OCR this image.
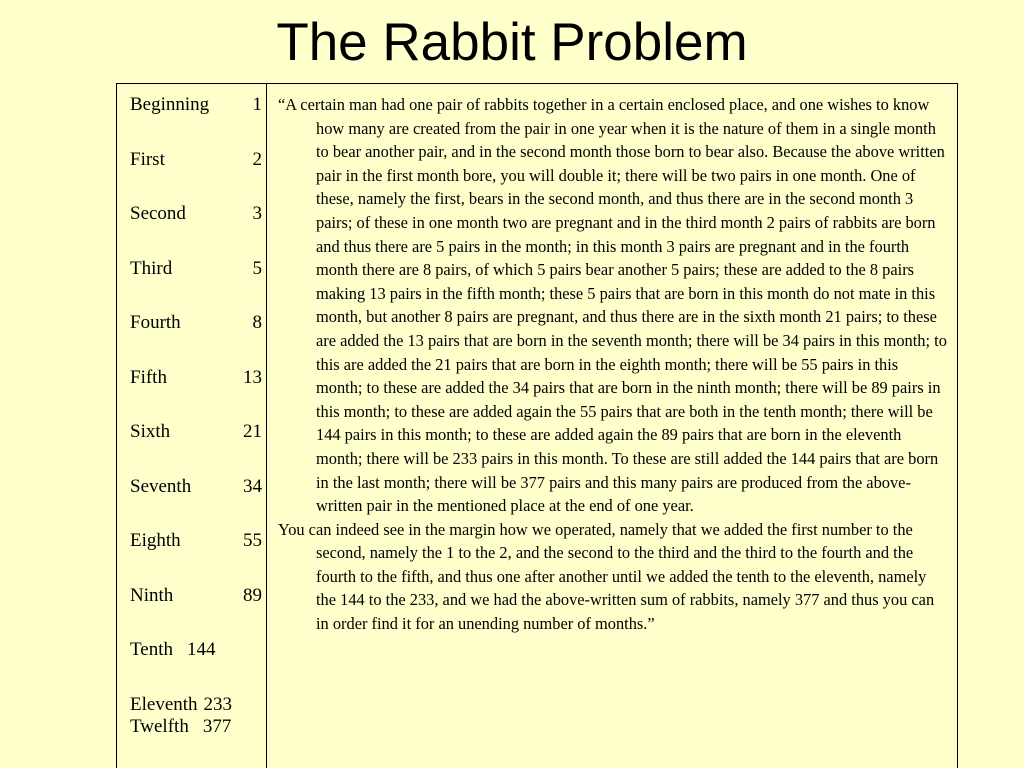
The Rabbit Problem
Beginning 1
First	2
Second	3
Third	5
Fourth	8
Fifth	13
Sixth	21
Seventh	34
Eighth	55
Ninth	89
Tenth 144
Eleventh 233
Twelfth 377

“A certain man had one pair of rabbits together in a certain enclosed place, and one wishes to know how many are created from the pair in one year when it is the nature of them in a single month to bear another pair, and in the second month those born to bear also. Because the above written pair in the first month bore, you will double it; there will be two pairs in one month. One of these, namely the first, bears in the second month, and thus there are in the second month 3 pairs; of these in one month two are pregnant and in the third month 2 pairs of rabbits are born and thus there are 5 pairs in the month; in this month 3 pairs are pregnant and in the fourth month there are 8 pairs, of which 5 pairs bear another 5 pairs; these are added to the 8 pairs making 13 pairs in the fifth month; these 5 pairs that are born in this month do not mate in this month, but another 8 pairs are pregnant, and thus there are in the sixth month 21 pairs; to these are added the 13 pairs that are born in the seventh month; there will be 34 pairs in this month; to this are added the 21 pairs that are born in the eighth month; there will be 55 pairs in this month; to these are added the 34 pairs that are born in the ninth month; there will be 89 pairs in this month; to these are added again the 55 pairs that are both in the tenth month; there will be 144 pairs in this month; to these are added again the 89 pairs that are born in the eleventh month; there will be 233 pairs in this month. To these are still added the 144 pairs that are born in the last month; there will be 377 pairs and this many pairs are produced from the above-written pair in the mentioned place at the end of one year.

You can indeed see in the margin how we operated, namely that we added the first number to the second, namely the 1 to the 2, and the second to the third and the third to the fourth and the fourth to the fifth, and thus one after another until we added the tenth to the eleventh, namely the 144 to the 233, and we had the above-written sum of rabbits, namely 377 and thus you can in order find it for an unending number of months.”
